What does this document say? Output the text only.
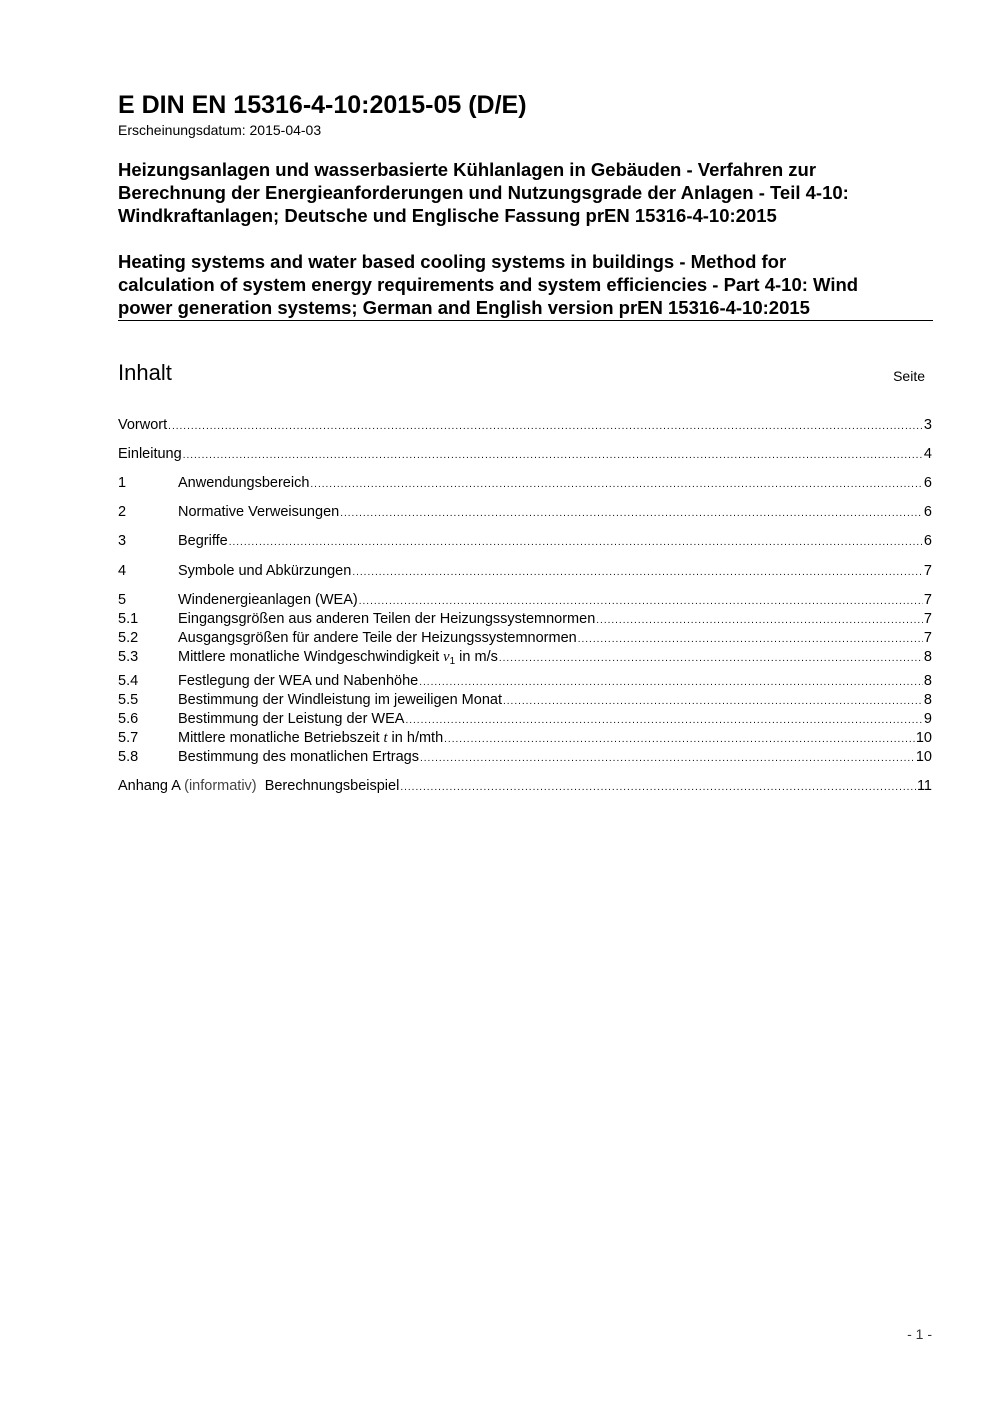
E DIN EN 15316-4-10:2015-05 (D/E)
Erscheinungsdatum: 2015-04-03
Heizungsanlagen und wasserbasierte Kühlanlagen in Gebäuden - Verfahren zur
Berechnung der Energieanforderungen und Nutzungsgrade der Anlagen - Teil 4-10:
Windkraftanlagen; Deutsche und Englische Fassung prEN 15316-4-10:2015
Heating systems and water based cooling systems in buildings - Method for
calculation of system energy requirements and system efficiencies - Part 4-10: Wind
power generation systems; German and English version prEN 15316-4-10:2015
Inhalt	Seite
Vorwort .....	3
Einleitung .....	4
1	Anwendungsbereich .....	6
2	Normative Verweisungen .....	6
3	Begriffe .....	6
4	Symbole und Abkürzungen .....	7
5	Windenergieanlagen (WEA) .....	7
5.1	Eingangsgrößen aus anderen Teilen der Heizungssystemnormen .....	7
5.2	Ausgangsgrößen für andere Teile der Heizungssystemnormen .....	7
5.3	Mittlere monatliche Windgeschwindigkeit $v_1$ in m/s .....	8
5.4	Festlegung der WEA und Nabenhöhe .....	8
5.5	Bestimmung der Windleistung im jeweiligen Monat .....	8
5.6	Bestimmung der Leistung der WEA .....	9
5.7	Mittlere monatliche Betriebszeit t in h/mth .....	10
5.8	Bestimmung des monatlichen Ertrags .....	10
Anhang A (informativ)  Berechnungsbeispiel .....	11
- 1 -
